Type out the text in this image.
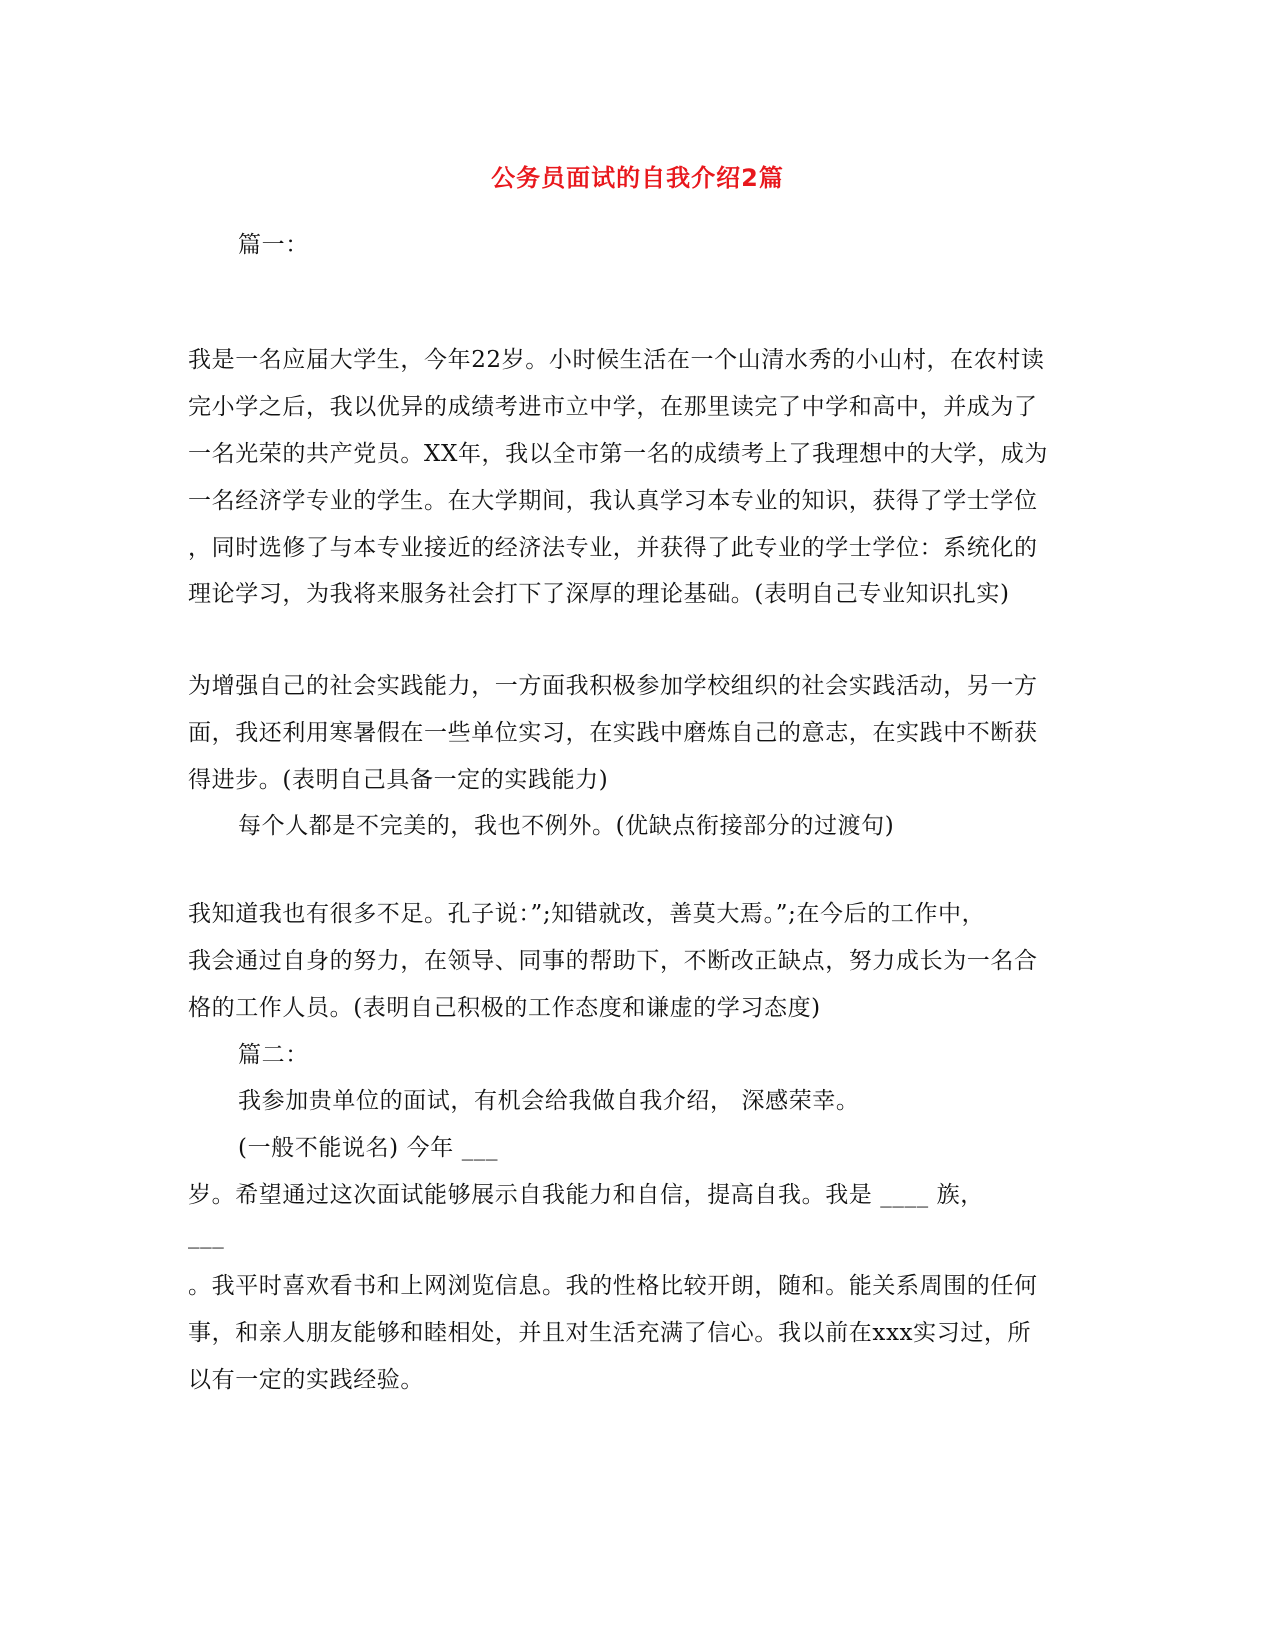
公务员面试的自我介绍2篇
篇一：
我是一名应届大学生，今年22岁。小时候生活在一个山清水秀的小山村，在农村读
完小学之后，我以优异的成绩考进市立中学，在那里读完了中学和高中，并成为了
一名光荣的共产党员。XX年，我以全市第一名的成绩考上了我理想中的大学，成为
一名经济学专业的学生。在大学期间，我认真学习本专业的知识，获得了学士学位
，同时选修了与本专业接近的经济法专业，并获得了此专业的学士学位：系统化的
理论学习，为我将来服务社会打下了深厚的理论基础。(表明自己专业知识扎实)
为增强自己的社会实践能力，一方面我积极参加学校组织的社会实践活动，另一方
面，我还利用寒暑假在一些单位实习，在实践中磨炼自己的意志，在实践中不断获
得进步。(表明自己具备一定的实践能力)
每个人都是不完美的，我也不例外。(优缺点衔接部分的过渡句)
我知道我也有很多不足。孔子说：”;知错就改，善莫大焉。”;在今后的工作中，
我会通过自身的努力，在领导、同事的帮助下，不断改正缺点，努力成长为一名合
格的工作人员。(表明自己积极的工作态度和谦虚的学习态度)
篇二：
我参加贵单位的面试，有机会给我做自我介绍， 深感荣幸。
(一般不能说名) 今年 ___
岁。希望通过这次面试能够展示自我能力和自信，提高自我。我是 ____ 族，
___
。我平时喜欢看书和上网浏览信息。我的性格比较开朗，随和。能关系周围的任何
事，和亲人朋友能够和睦相处，并且对生活充满了信心。我以前在xxx实习过，所
以有一定的实践经验。
